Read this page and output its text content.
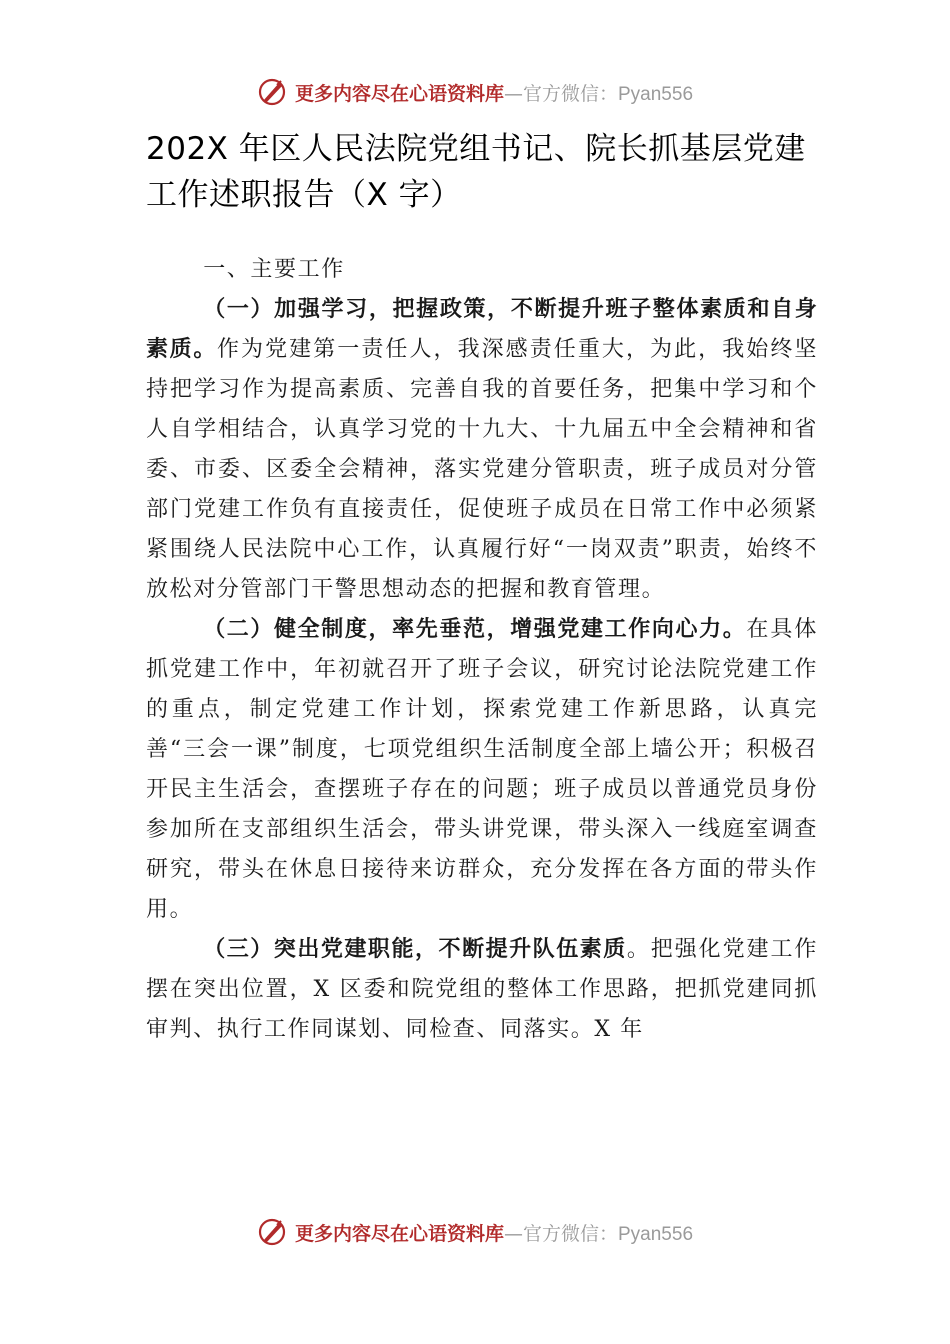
更多内容尽在心语资料库—官方微信：Pyan556
202X 年区人民法院党组书记、院长抓基层党建工作述职报告（X 字）

一、主要工作

（一）加强学习，把握政策，不断提升班子整体素质和自身素质。作为党建第一责任人，我深感责任重大，为此，我始终坚持把学习作为提高素质、完善自我的首要任务，把集中学习和个人自学相结合，认真学习党的十九大、十九届五中全会精神和省委、市委、区委全会精神，落实党建分管职责，班子成员对分管部门党建工作负有直接责任，促使班子成员在日常工作中必须紧紧围绕人民法院中心工作，认真履行好“一岗双责”职责，始终不放松对分管部门干警思想动态的把握和教育管理。

（二）健全制度，率先垂范，增强党建工作向心力。在具体抓党建工作中，年初就召开了班子会议，研究讨论法院党建工作的重点，制定党建工作计划，探索党建工作新思路，认真完善“三会一课”制度，七项党组织生活制度全部上墙公开；积极召开民主生活会，查摆班子存在的问题；班子成员以普通党员身份参加所在支部组织生活会，带头讲党课，带头深入一线庭室调查研究，带头在休息日接待来访群众，充分发挥在各方面的带头作用。

（三）突出党建职能，不断提升队伍素质。把强化党建工作摆在突出位置，X 区委和院党组的整体工作思路，把抓党建同抓审判、执行工作同谋划、同检查、同落实。X 年

更多内容尽在心语资料库—官方微信：Pyan556
